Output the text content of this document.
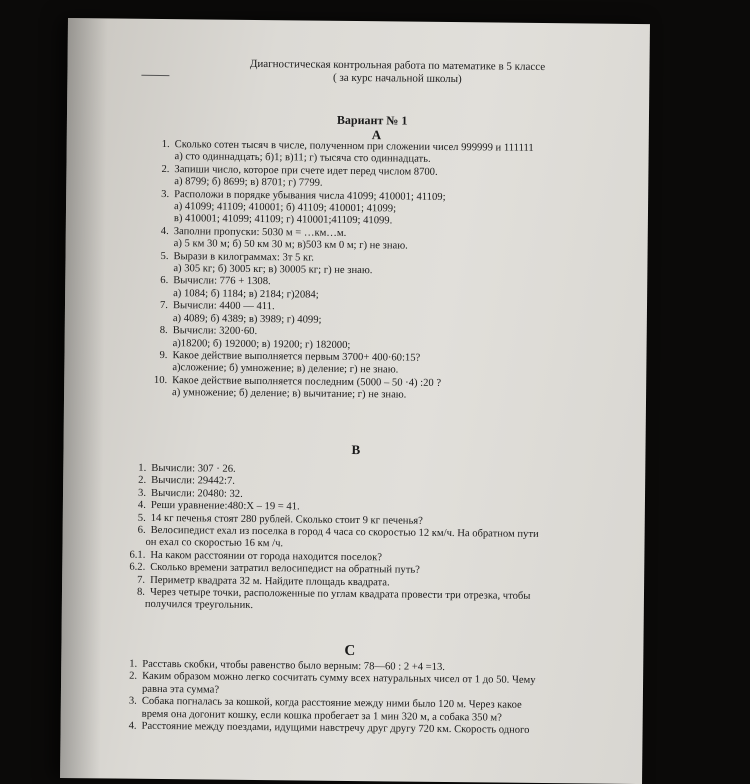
Диагностическая контрольная работа по математике в 5 классе
( за курс начальной школы)
Вариант № 1
А
1. Сколько сотен тысяч в числе, полученном при сложении чисел 999999 и 111111
а) сто одиннадцать; б)1; в)11; г) тысяча сто одиннадцать.
2. Запиши число, которое при счете идет перед числом 8700.
а) 8799; б) 8699; в) 8701; г) 7799.
3. Расположи в порядке убывания числа 41099; 410001; 41109;
а) 41099; 41109; 410001; б) 41109; 410001; 41099;
в) 410001; 41099; 41109; г) 410001;41109; 41099.
4. Заполни пропуски: 5030 м = …км…м.
а) 5 км 30 м; б) 50 км 30 м; в)503 км 0 м; г) не знаю.
5. Вырази в килограммах: 3т 5 кг.
а) 305 кг; б) 3005 кг; в) 30005 кг; г) не знаю.
6. Вычисли: 776 + 1308.
а) 1084; б) 1184; в) 2184; г)2084;
7. Вычисли: 4400 — 411.
а) 4089; б) 4389; в) 3989; г) 4099;
8. Вычисли: 3200·60.
а)18200; б) 192000; в) 19200; г) 182000;
9. Какое действие выполняется первым 3700+ 400·60:15?
а)сложение; б) умножение; в) деление; г) не знаю.
10. Какое действие выполняется последним (5000 – 50 ·4) :20 ?
а) умножение; б) деление; в) вычитание; г) не знаю.
В
1. Вычисли: 307 · 26.
2. Вычисли: 29442:7.
3. Вычисли: 20480: 32.
4. Реши уравнение:480:Х – 19 = 41.
5. 14 кг печенья стоят 280 рублей. Сколько стоит 9 кг печенья?
6. Велосипедист ехал из поселка в город 4 часа со скоростью 12 км/ч. На обратном пути
он ехал со скоростью 16 км /ч.
6.1. На каком расстоянии от города находится поселок?
6.2. Сколько времени затратил велосипедист на обратный путь?
7. Периметр квадрата 32 м. Найдите площадь квадрата.
8. Через четыре точки, расположенные по углам квадрата провести три отрезка, чтобы
получился треугольник.
С
1. Расставь скобки, чтобы равенство было верным: 78—60 : 2 +4 =13.
2. Каким образом можно легко сосчитать сумму всех натуральных чисел от 1 до 50. Чему
равна эта сумма?
3. Собака погналась за кошкой, когда расстояние между ними было 120 м. Через какое
время она догонит кошку, если кошка пробегает за 1 мин 320 м, а собака 350 м?
4. Расстояние между поездами, идущими навстречу друг другу 720 км. Скорость одного
